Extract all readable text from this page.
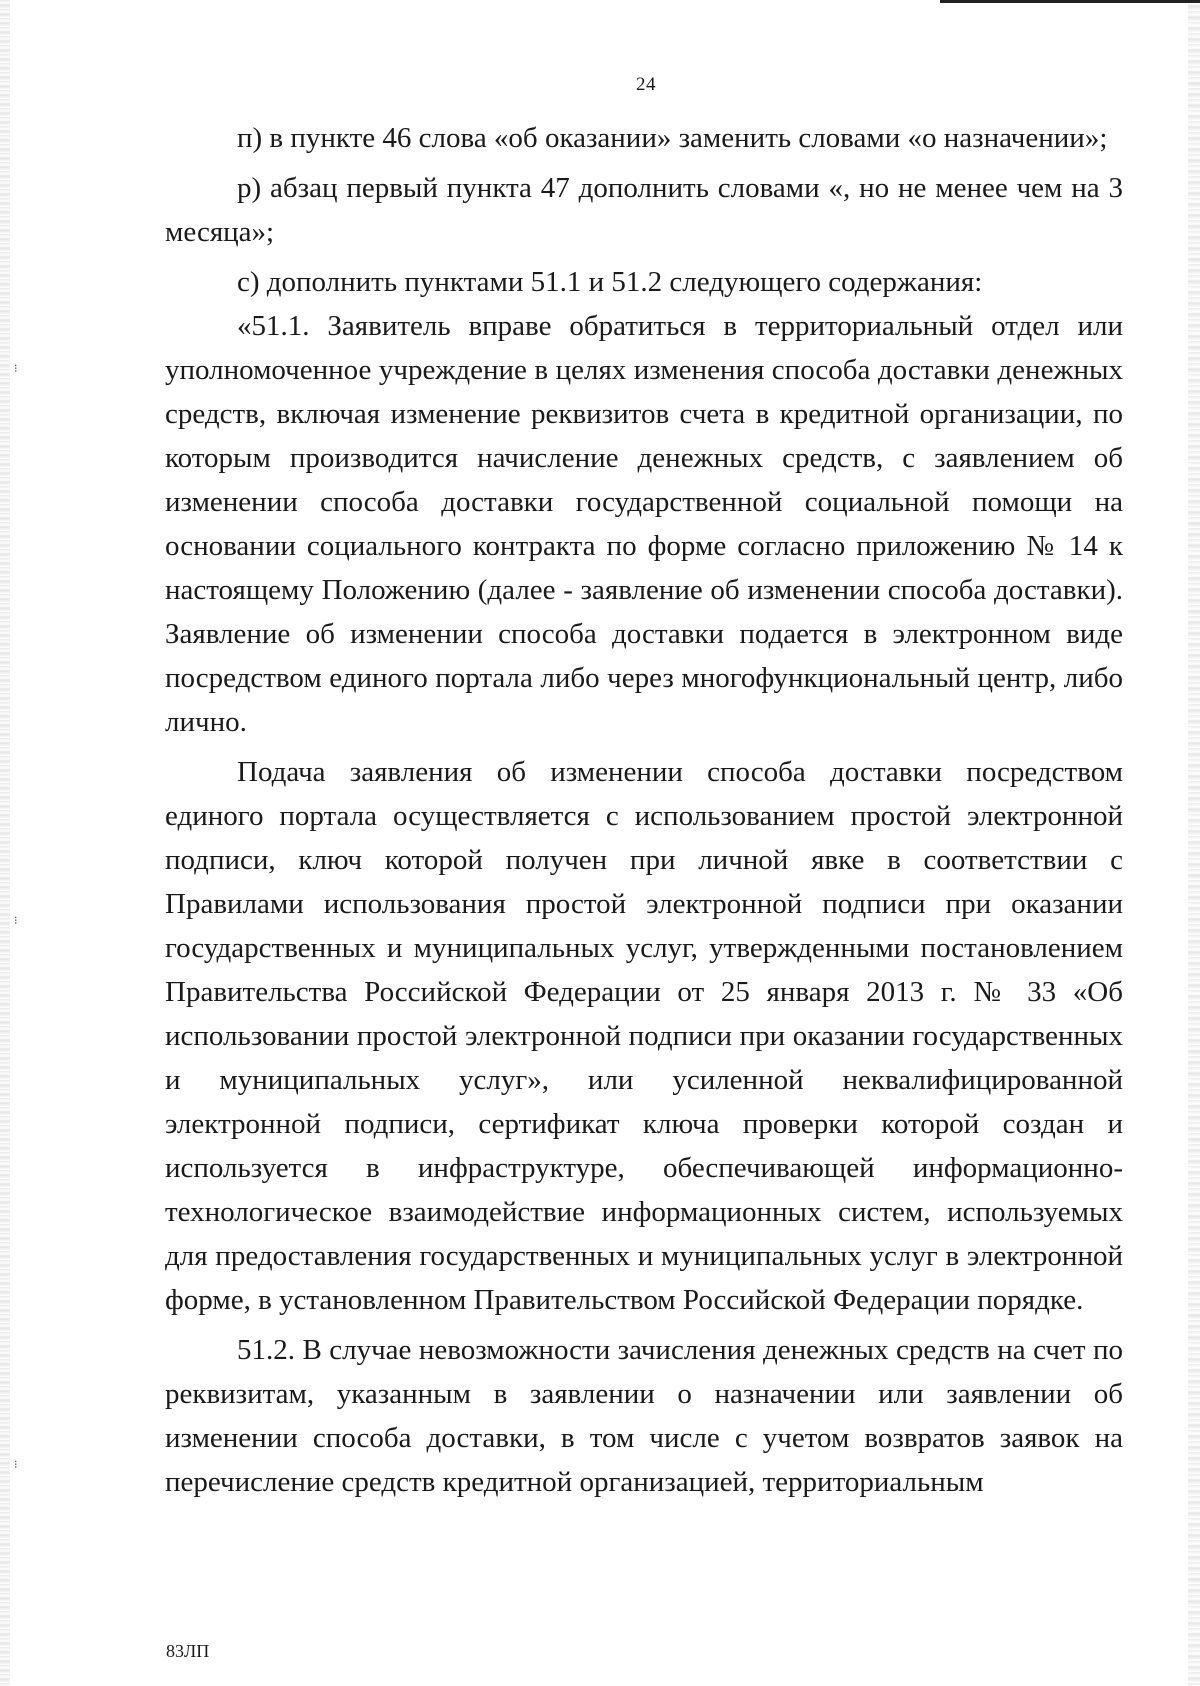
⁝
⁝
⁝
24

п) в пункте 46 слова «об оказании» заменить словами «о назначении»;

р) абзац первый пункта 47 дополнить словами «, но не менее чем на 3 месяца»;

с) дополнить пунктами 51.1 и 51.2 следующего содержания:

«51.1. Заявитель вправе обратиться в территориальный отдел или уполномоченное учреждение в целях изменения способа доставки денежных средств, включая изменение реквизитов счета в кредитной организации, по которым производится начисление денежных средств, с заявлением об изменении способа доставки государственной социальной помощи на основании социального контракта по форме согласно приложению № 14 к настоящему Положению (далее - заявление об изменении способа доставки). Заявление об изменении способа доставки подается в электронном виде посредством единого портала либо через многофункциональный центр, либо лично.

Подача заявления об изменении способа доставки посредством единого портала осуществляется с использованием простой электронной подписи, ключ которой получен при личной явке в соответствии с Правилами использования простой электронной подписи при оказании государственных и муниципальных услуг, утвержденными постановлением Правительства Российской Федерации от 25 января 2013 г. № 33 «Об использовании простой электронной подписи при оказании государственных и муниципальных услуг», или усиленной неквалифицированной электронной подписи, сертификат ключа проверки которой создан и используется в инфраструктуре, обеспечивающей информационно-технологическое взаимодействие информационных систем, используемых для предоставления государственных и муниципальных услуг в электронной форме, в установленном Правительством Российской Федерации порядке.

51.2. В случае невозможности зачисления денежных средств на счет по реквизитам, указанным в заявлении о назначении или заявлении об изменении способа доставки, в том числе с учетом возвратов заявок на перечисление средств кредитной организацией, территориальным

83ЛП
